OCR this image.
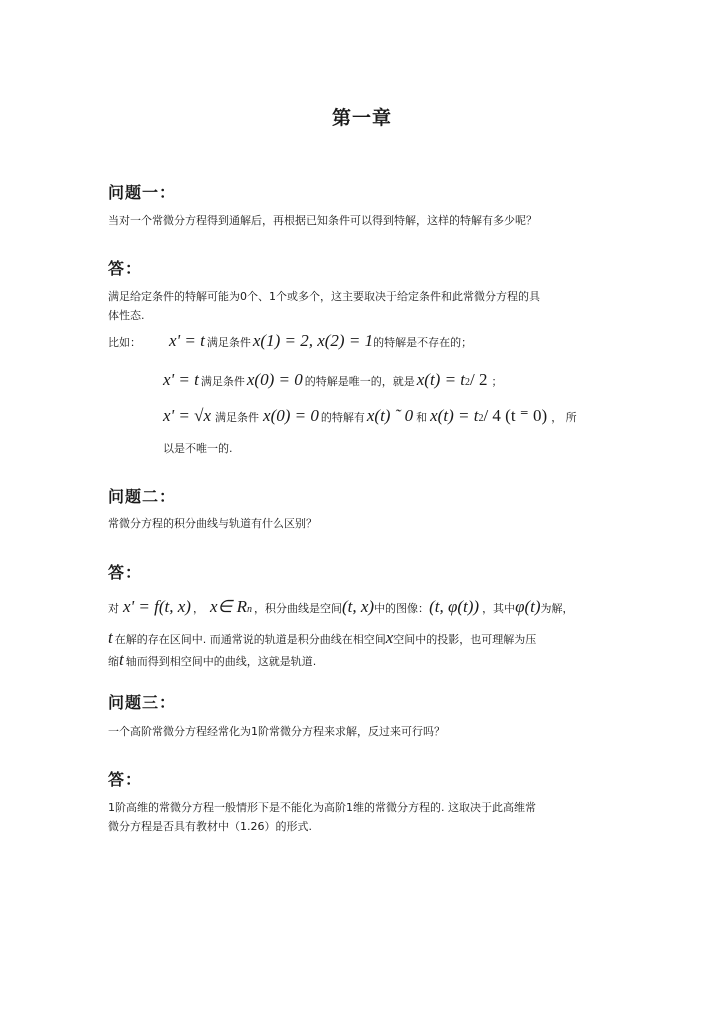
第一章
问题一：
当对一个常微分方程得到通解后，再根据已知条件可以得到特解，这样的特解有多少呢？
答：
满足给定条件的特解可能为0个、1个或多个，这主要取决于给定条件和此常微分方程的具
体性态.
比如： x' = t 满足条件 x(1) = 2, x(2) = 1 的特解是不存在的；
x' = t 满足条件 x(0) = 0 的特解是唯一的，就是 x(t) = t 2 / 2 ；
x' = √x 满足条件 x(0) = 0 的特解有 x(t) ˜ 0 和 x(t) = t 2 / 4 (t ⁼ 0) ， 所
以是不唯一的.
问题二：
常微分方程的积分曲线与轨道有什么区别？
答：
对 x' = f(t, x) ， x∈ R n ，积分曲线是空间 (t, x) 中的图像： (t, φ(t)) ，其中 φ(t) 为解，
t 在解的存在区间中. 而通常说的轨道是积分曲线在相空间 x 空间中的投影，也可理解为压
缩 t 轴而得到相空间中的曲线，这就是轨道.
问题三：
一个高阶常微分方程经常化为1阶常微分方程来求解，反过来可行吗？
答：
1阶高维的常微分方程一般情形下是不能化为高阶1维的常微分方程的. 这取决于此高维常
微分方程是否具有教材中（1.26）的形式.
